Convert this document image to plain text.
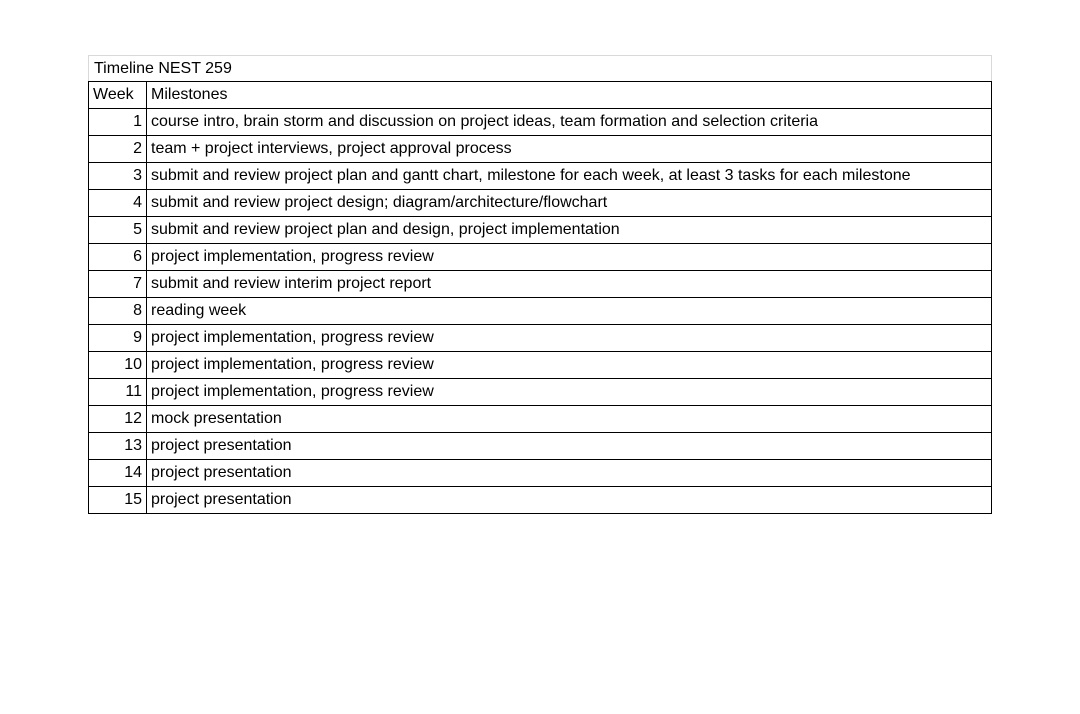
Timeline NEST 259
Week	Milestones
1	course intro, brain storm and discussion on project ideas, team formation and selection criteria
2	team + project interviews, project approval process
3	submit and review project plan and gantt chart, milestone for each week, at least 3 tasks for each milestone
4	submit and review project design; diagram/architecture/flowchart
5	submit and review project plan and design, project implementation
6	project implementation, progress review
7	submit and review interim project report
8	reading week
9	project implementation, progress review
10	project implementation, progress review
11	project implementation, progress review
12	mock presentation
13	project presentation
14	project presentation
15	project presentation
